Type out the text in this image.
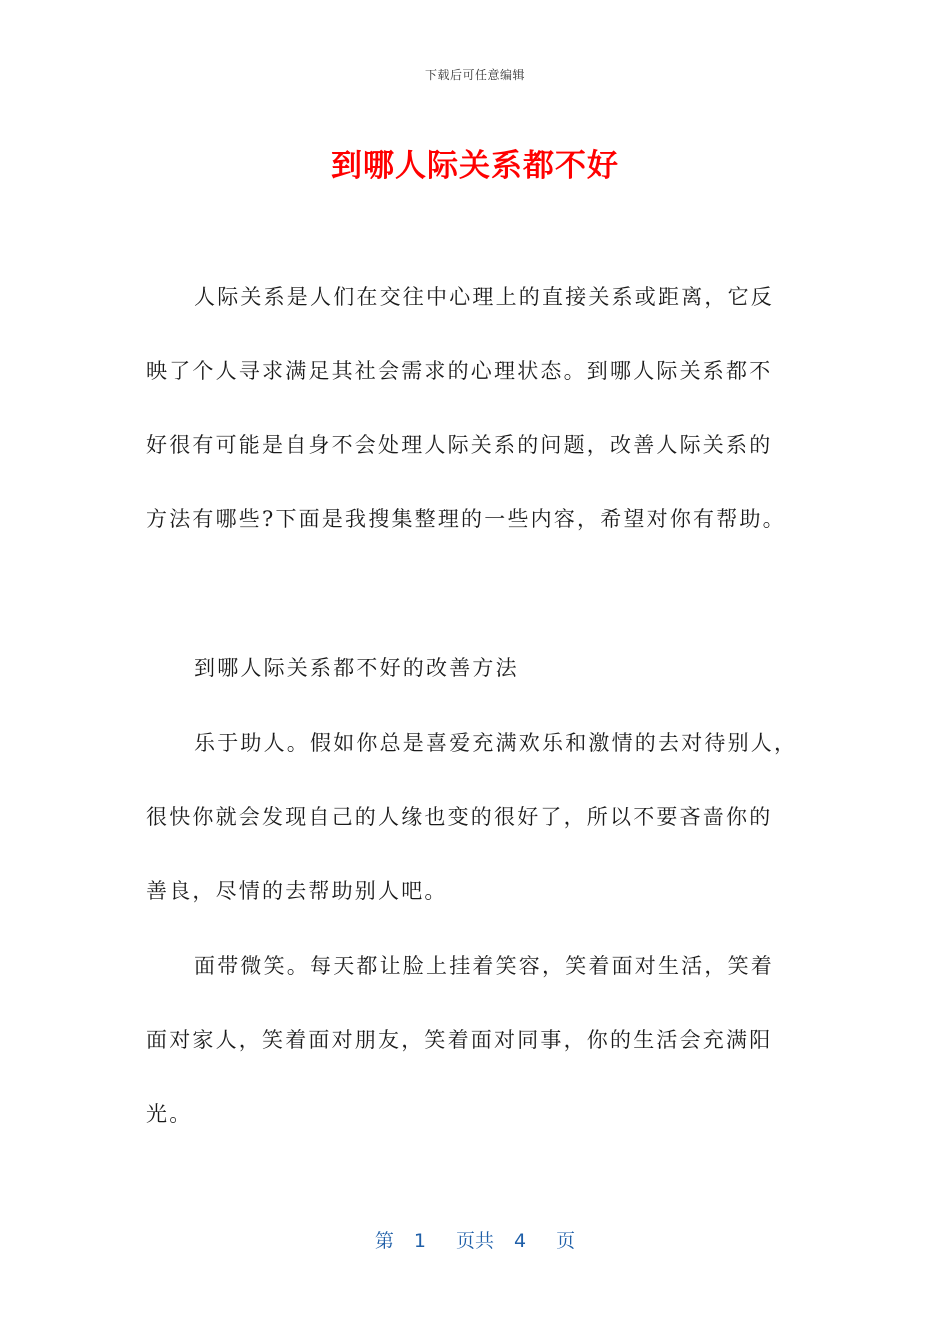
下载后可任意编辑
到哪人际关系都不好

人际关系是人们在交往中心理上的直接关系或距离，它反

映了个人寻求满足其社会需求的心理状态。到哪人际关系都不

好很有可能是自身不会处理人际关系的问题，改善人际关系的

方法有哪些?下面是我搜集整理的一些内容，希望对你有帮助。

到哪人际关系都不好的改善方法

乐于助人。假如你总是喜爱充满欢乐和激情的去对待别人，

很快你就会发现自己的人缘也变的很好了，所以不要吝啬你的

善良，尽情的去帮助别人吧。

面带微笑。每天都让脸上挂着笑容，笑着面对生活，笑着

面对家人，笑着面对朋友，笑着面对同事，你的生活会充满阳

光。

第 1 页共 4 页
